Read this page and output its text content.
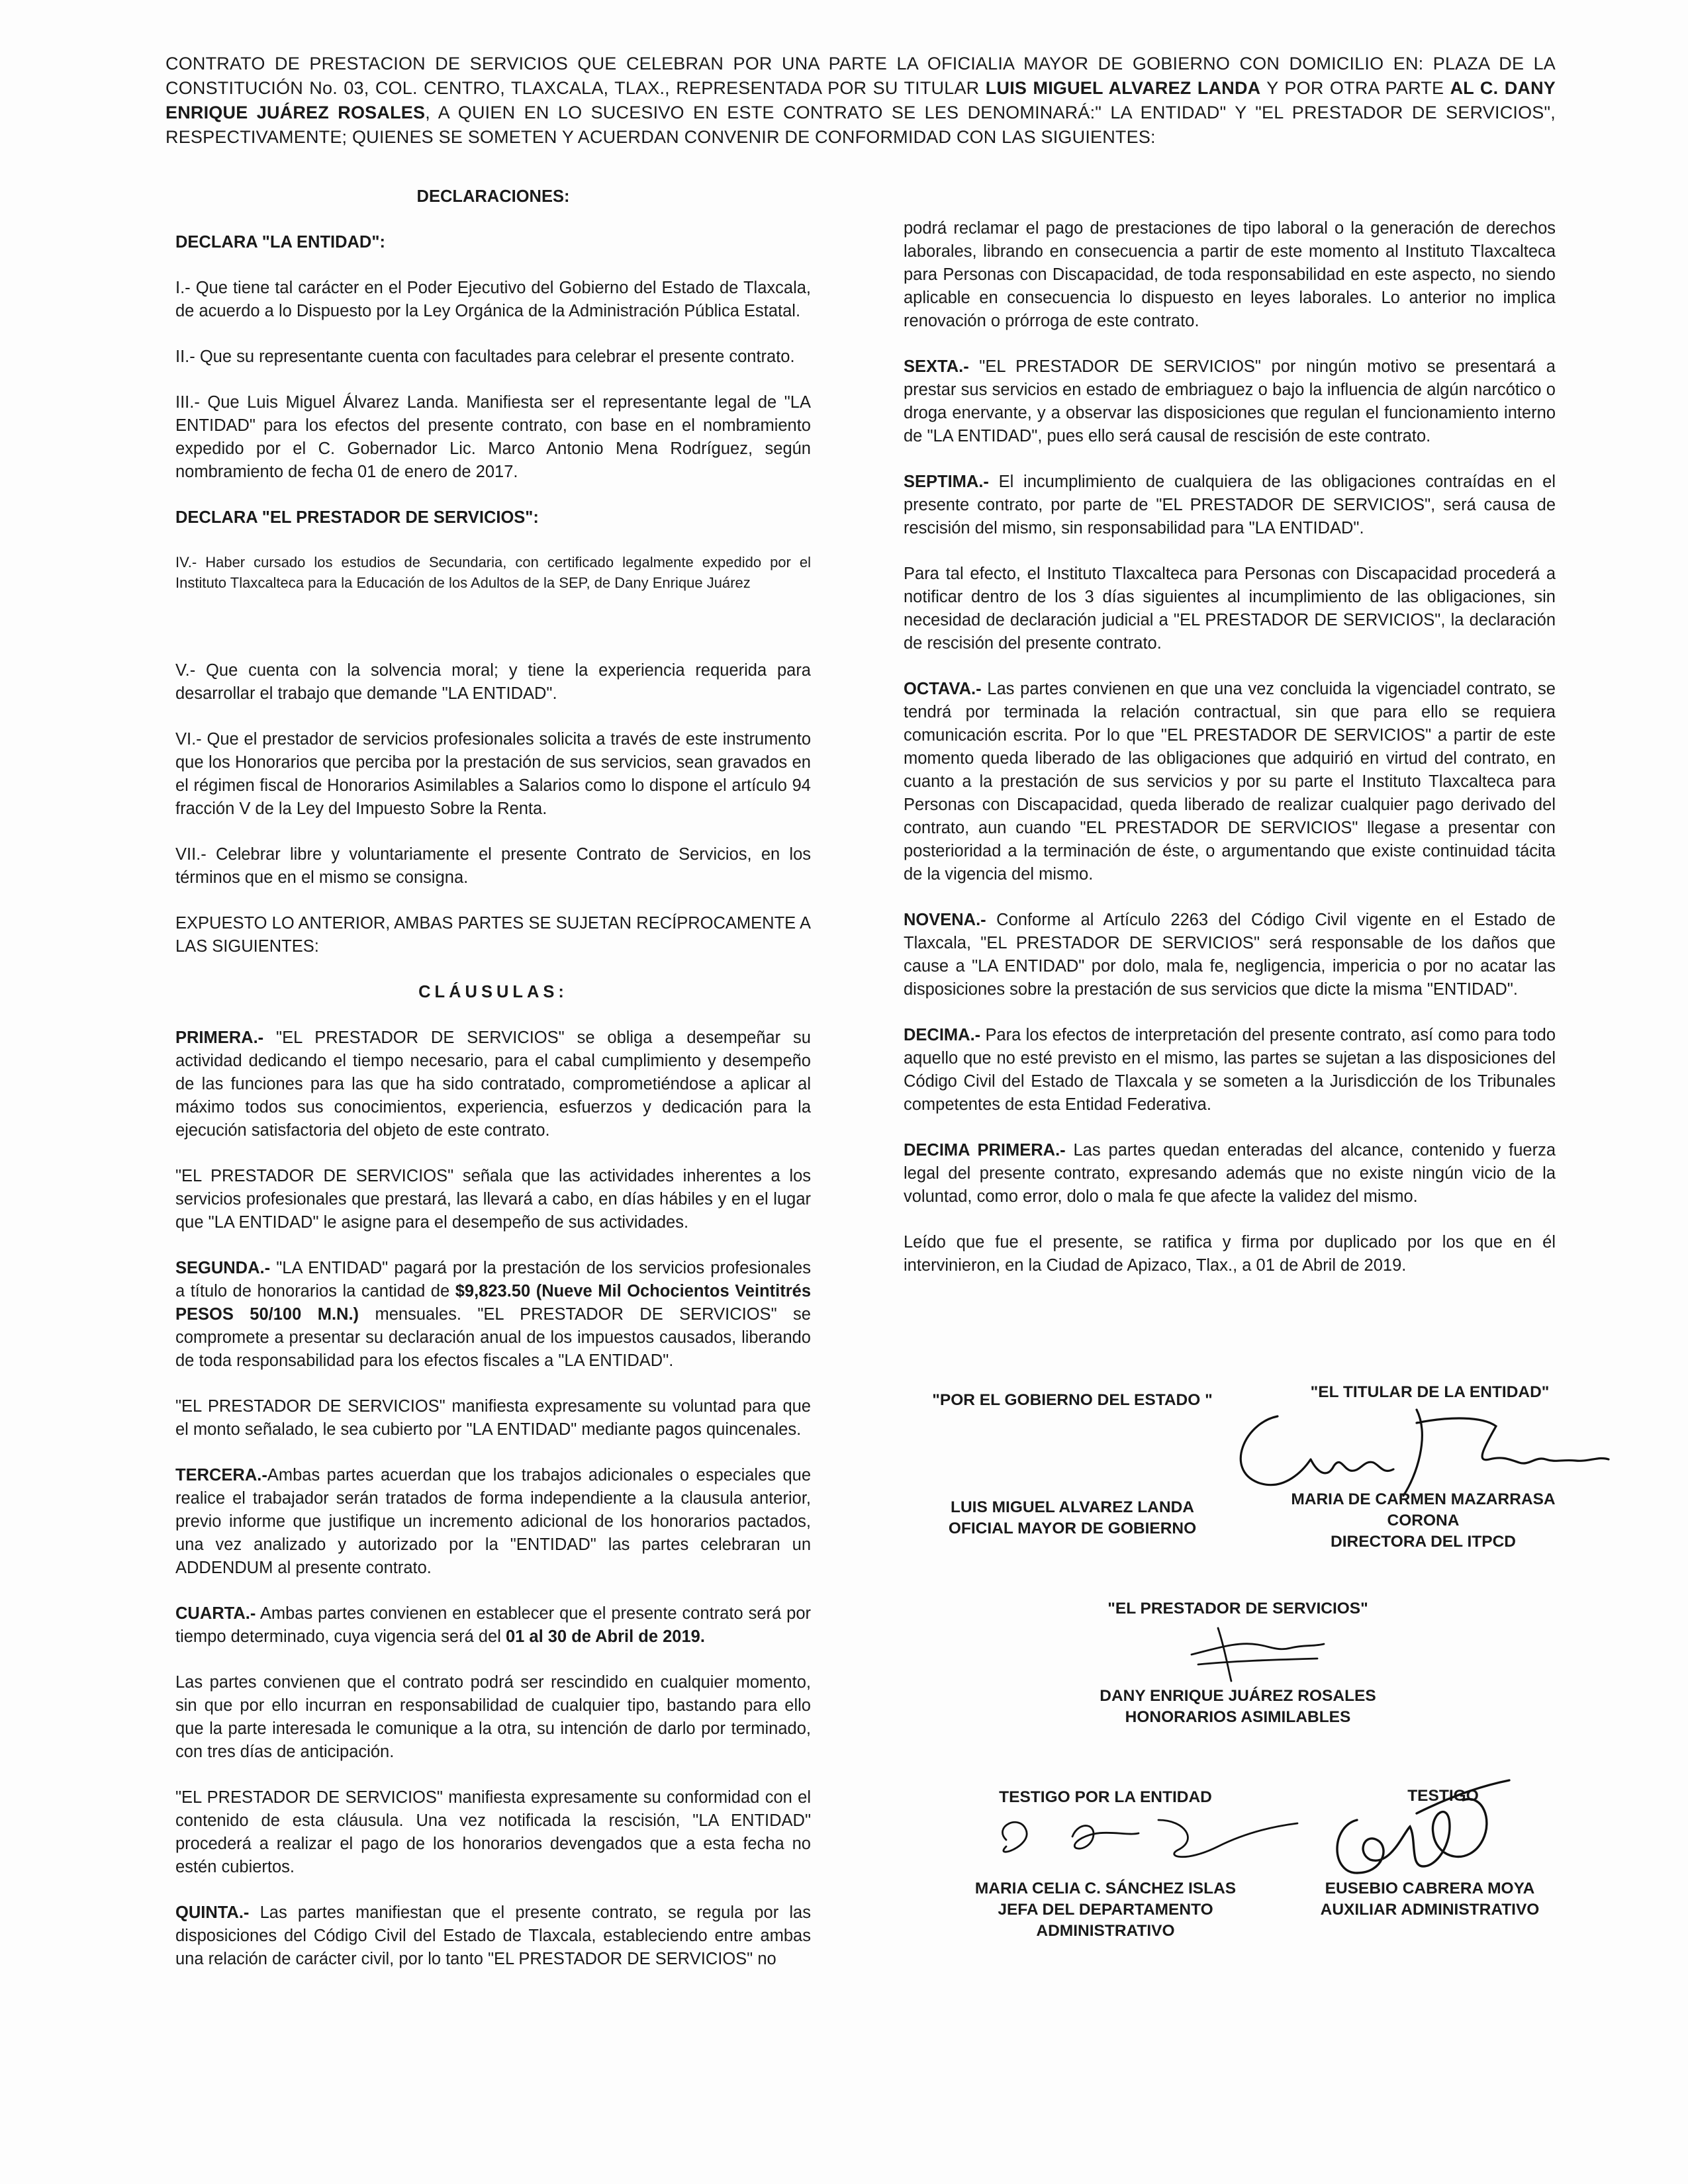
CONTRATO DE PRESTACION DE SERVICIOS QUE CELEBRAN POR UNA PARTE LA OFICIALIA MAYOR DE GOBIERNO CON DOMICILIO EN: PLAZA DE LA CONSTITUCIÓN No. 03, COL. CENTRO, TLAXCALA, TLAX., REPRESENTADA POR SU TITULAR LUIS MIGUEL ALVAREZ LANDA Y POR OTRA PARTE AL C. DANY ENRIQUE JUÁREZ ROSALES, A QUIEN EN LO SUCESIVO EN ESTE CONTRATO SE LES DENOMINARÁ:" LA ENTIDAD" Y "EL PRESTADOR DE SERVICIOS", RESPECTIVAMENTE; QUIENES SE SOMETEN Y ACUERDAN CONVENIR DE CONFORMIDAD CON LAS SIGUIENTES:

DECLARACIONES:

DECLARA "LA ENTIDAD":

I.- Que tiene tal carácter en el Poder Ejecutivo del Gobierno del Estado de Tlaxcala, de acuerdo a lo Dispuesto por la Ley Orgánica de la Administración Pública Estatal.

II.- Que su representante cuenta con facultades para celebrar el presente contrato.

III.- Que Luis Miguel Álvarez Landa. Manifiesta ser el representante legal de "LA ENTIDAD" para los efectos del presente contrato, con base en el nombramiento expedido por el C. Gobernador Lic. Marco Antonio Mena Rodríguez, según nombramiento de fecha 01 de enero de 2017.

DECLARA "EL PRESTADOR DE SERVICIOS":

IV.- Haber cursado los estudios de Secundaria, con certificado legalmente expedido por el Instituto Tlaxcalteca para la Educación de los Adultos de la SEP, de Dany Enrique Juárez

V.- Que cuenta con la solvencia moral; y tiene la experiencia requerida para desarrollar el trabajo que demande "LA ENTIDAD".

VI.- Que el prestador de servicios profesionales solicita a través de este instrumento que los Honorarios que perciba por la prestación de sus servicios, sean gravados en el régimen fiscal de Honorarios Asimilables a Salarios como lo dispone el artículo 94 fracción V de la Ley del Impuesto Sobre la Renta.

VII.- Celebrar libre y voluntariamente el presente Contrato de Servicios, en los términos que en el mismo se consigna.

EXPUESTO LO ANTERIOR, AMBAS PARTES SE SUJETAN RECÍPROCAMENTE A LAS SIGUIENTES:

CLÁUSULAS:

PRIMERA.- "EL PRESTADOR DE SERVICIOS" se obliga a desempeñar su actividad dedicando el tiempo necesario, para el cabal cumplimiento y desempeño de las funciones para las que ha sido contratado, comprometiéndose a aplicar al máximo todos sus conocimientos, experiencia, esfuerzos y dedicación para la ejecución satisfactoria del objeto de este contrato.

"EL PRESTADOR DE SERVICIOS" señala que las actividades inherentes a los servicios profesionales que prestará, las llevará a cabo, en días hábiles y en el lugar que "LA ENTIDAD" le asigne para el desempeño de sus actividades.

SEGUNDA.- "LA ENTIDAD" pagará por la prestación de los servicios profesionales a título de honorarios la cantidad de $9,823.50 (Nueve Mil Ochocientos Veintitrés PESOS 50/100 M.N.) mensuales. "EL PRESTADOR DE SERVICIOS" se compromete a presentar su declaración anual de los impuestos causados, liberando de toda responsabilidad para los efectos fiscales a "LA ENTIDAD".

"EL PRESTADOR DE SERVICIOS" manifiesta expresamente su voluntad para que el monto señalado, le sea cubierto por "LA ENTIDAD" mediante pagos quincenales.

TERCERA.-Ambas partes acuerdan que los trabajos adicionales o especiales que realice el trabajador serán tratados de forma independiente a la clausula anterior, previo informe que justifique un incremento adicional de los honorarios pactados, una vez analizado y autorizado por la "ENTIDAD" las partes celebraran un ADDENDUM al presente contrato.

CUARTA.- Ambas partes convienen en establecer que el presente contrato será por tiempo determinado, cuya vigencia será del 01 al 30 de Abril de 2019.

Las partes convienen que el contrato podrá ser rescindido en cualquier momento, sin que por ello incurran en responsabilidad de cualquier tipo, bastando para ello que la parte interesada le comunique a la otra, su intención de darlo por terminado, con tres días de anticipación.

"EL PRESTADOR DE SERVICIOS" manifiesta expresamente su conformidad con el contenido de esta cláusula. Una vez notificada la rescisión, "LA ENTIDAD" procederá a realizar el pago de los honorarios devengados que a esta fecha no estén cubiertos.

QUINTA.- Las partes manifiestan que el presente contrato, se regula por las disposiciones del Código Civil del Estado de Tlaxcala, estableciendo entre ambas una relación de carácter civil, por lo tanto "EL PRESTADOR DE SERVICIOS" no

podrá reclamar el pago de prestaciones de tipo laboral o la generación de derechos laborales, librando en consecuencia a partir de este momento al Instituto Tlaxcalteca para Personas con Discapacidad, de toda responsabilidad en este aspecto, no siendo aplicable en consecuencia lo dispuesto en leyes laborales. Lo anterior no implica renovación o prórroga de este contrato.

SEXTA.- "EL PRESTADOR DE SERVICIOS" por ningún motivo se presentará a prestar sus servicios en estado de embriaguez o bajo la influencia de algún narcótico o droga enervante, y a observar las disposiciones que regulan el funcionamiento interno de "LA ENTIDAD", pues ello será causal de rescisión de este contrato.

SEPTIMA.- El incumplimiento de cualquiera de las obligaciones contraídas en el presente contrato, por parte de "EL PRESTADOR DE SERVICIOS", será causa de rescisión del mismo, sin responsabilidad para "LA ENTIDAD".

Para tal efecto, el Instituto Tlaxcalteca para Personas con Discapacidad procederá a notificar dentro de los 3 días siguientes al incumplimiento de las obligaciones, sin necesidad de declaración judicial a "EL PRESTADOR DE SERVICIOS", la declaración de rescisión del presente contrato.

OCTAVA.- Las partes convienen en que una vez concluida la vigenciadel contrato, se tendrá por terminada la relación contractual, sin que para ello se requiera comunicación escrita. Por lo que "EL PRESTADOR DE SERVICIOS" a partir de este momento queda liberado de las obligaciones que adquirió en virtud del contrato, en cuanto a la prestación de sus servicios y por su parte el Instituto Tlaxcalteca para Personas con Discapacidad, queda liberado de realizar cualquier pago derivado del contrato, aun cuando "EL PRESTADOR DE SERVICIOS" llegase a presentar con posterioridad a la terminación de éste, o argumentando que existe continuidad tácita de la vigencia del mismo.

NOVENA.- Conforme al Artículo 2263 del Código Civil vigente en el Estado de Tlaxcala, "EL PRESTADOR DE SERVICIOS" será responsable de los daños que cause a "LA ENTIDAD" por dolo, mala fe, negligencia, impericia o por no acatar las disposiciones sobre la prestación de sus servicios que dicte la misma "ENTIDAD".

DECIMA.- Para los efectos de interpretación del presente contrato, así como para todo aquello que no esté previsto en el mismo, las partes se sujetan a las disposiciones del Código Civil del Estado de Tlaxcala y se someten a la Jurisdicción de los Tribunales competentes de esta Entidad Federativa.

DECIMA PRIMERA.- Las partes quedan enteradas del alcance, contenido y fuerza legal del presente contrato, expresando además que no existe ningún vicio de la voluntad, como error, dolo o mala fe que afecte la validez del mismo.

Leído que fue el presente, se ratifica y firma por duplicado por los que en él intervinieron, en la Ciudad de Apizaco, Tlax., a 01 de Abril de 2019.

"POR EL GOBIERNO DEL ESTADO "
LUIS MIGUEL ALVAREZ LANDA
OFICIAL MAYOR DE GOBIERNO
"EL TITULAR DE LA ENTIDAD"
MARIA DE CARMEN MAZARRASA
CORONA
DIRECTORA DEL ITPCD
"EL PRESTADOR DE SERVICIOS"
DANY ENRIQUE JUÁREZ ROSALES
HONORARIOS ASIMILABLES
TESTIGO POR LA ENTIDAD
MARIA CELIA C. SÁNCHEZ ISLAS
JEFA DEL DEPARTAMENTO
ADMINISTRATIVO
TESTIGO
EUSEBIO CABRERA MOYA
AUXILIAR ADMINISTRATIVO
